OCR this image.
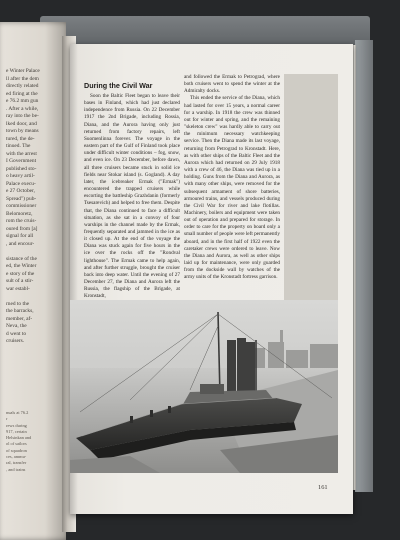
e Winter Palace
ll after the dem
directly related
ed firing at the
e 76.2 mm gun
. After a while,
ray into the be-
lked door, and
town by means
tured, the de-
tinued. The
with the arrest
I Government
published sto-
o heavy artil-
Palace execu-
e 27 October,
Spread") pub-
commissioner
Belomoretz,
rom the cruis-
oured from [a]
signal for all
, and encour-

sistance of the
ed, the Winter
e story of the
sult of a stir-
war establ-

rned to the
the barracks,
member, af-
Neva, the
d went to
cruisers.
nuals at 76.2
r
rews during
917, certain
Helsinkan and
ol of sailors
of squadron
ces, ammu-
ral, transfer
, and trains
During the Civil War

Soon the Baltic Fleet began to leave their bases in Finland, which had just declared independence from Russia. On 22 December 1917 the 2nd Brigade, including Rossia, Diana, and the Aurora having only just returned from factory repairs, left Suomenlinna forever. The voyage in the eastern part of the Gulf of Finland took place under difficult winter conditions – fog, snow, and even ice. On 23 December, before dawn, all three cruisers became stuck in solid ice fields near Stokar island (s. Gogland). A day later, the icebreaker Ermak ("Ermak") encountered the trapped cruisers while escorting the battleship Grazhdanin (formerly Tsesarevich) and helped to free them. Despite that, the Diana continued to face a difficult situation, as she sat in a convoy of four warships in the channel made by the Ermak, frequently separated and jammed in the ice as it closed up. At the end of the voyage the Diana was stuck again for five hours in the ice over the rocks off the "Rondval lighthouse". The Ermak came to help again, and after further struggle, brought the cruiser back into deep water. Until the evening of 27 December 27, the Diana and Aurora left the Russia, the flagship of the Brigade, at Kronstadt,

and followed the Ermak to Petrograd, where both cruisers went to spend the winter at the Admiralty docks.

This ended the service of the Diana, which had lasted for over 15 years, a normal career for a warship. In 1918 the crew was thinned out for winter and spring, and the remaining "skeleton crew" was hardly able to carry out the minimum necessary watchkeeping service. Then the Diana made its last voyage, returning from Petrograd to Kronstadt. Here, as with other ships of the Baltic Fleet and the Aurora which had returned on 29 July 1918 with a crew of 46, the Diana was tied up in a holding. Guns from the Diana and Aurora, as with many other ships, were removed for the subsequent armament of shore batteries, armoured trains, and vessels produced during the Civil War for river and lake flotillas. Machinery, boilers and equipment were taken out of operation and prepared for storage. In order to care for the property on board only a small number of people were left permanently aboard, and in the first half of 1922 even the caretaker crews were ordered to leave. Now the Diana and Aurora, as well as other ships laid up for maintenance, were only guarded from the dockside wall by watches of the army units of the Kronstadt fortress garrison.

161
